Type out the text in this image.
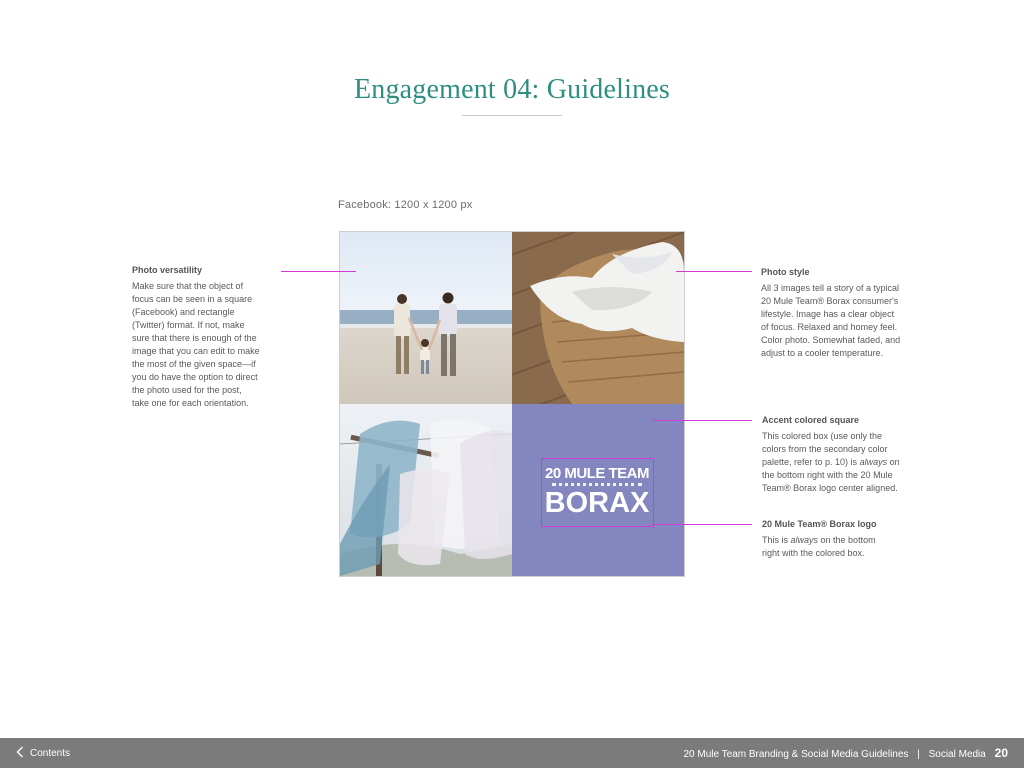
Engagement 04: Guidelines
Facebook: 1200 x 1200 px
20 MULE TEAM
BORAX
Photo versatility

Make sure that the object of

focus can be seen in a square

(Facebook) and rectangle

(Twitter) format. If not, make

sure that there is enough of the

image that you can edit to make

the most of the given space—if

you do have the option to direct

the photo used for the post,

take one for each orientation.

Photo style

All 3 images tell a story of a typical

20 Mule Team® Borax consumer's

lifestyle. Image has a clear object

of focus. Relaxed and homey feel.

Color photo. Somewhat faded, and

adjust to a cooler temperature.

Accent colored square

This colored box (use only the

colors from the secondary color

palette, refer to p. 10) is always on

the bottom right with the 20 Mule

Team® Borax logo center aligned.

20 Mule Team® Borax logo

This is always on the bottom

right with the colored box.

Contents	20 Mule Team Branding & Social Media Guidelines | Social Media 20
